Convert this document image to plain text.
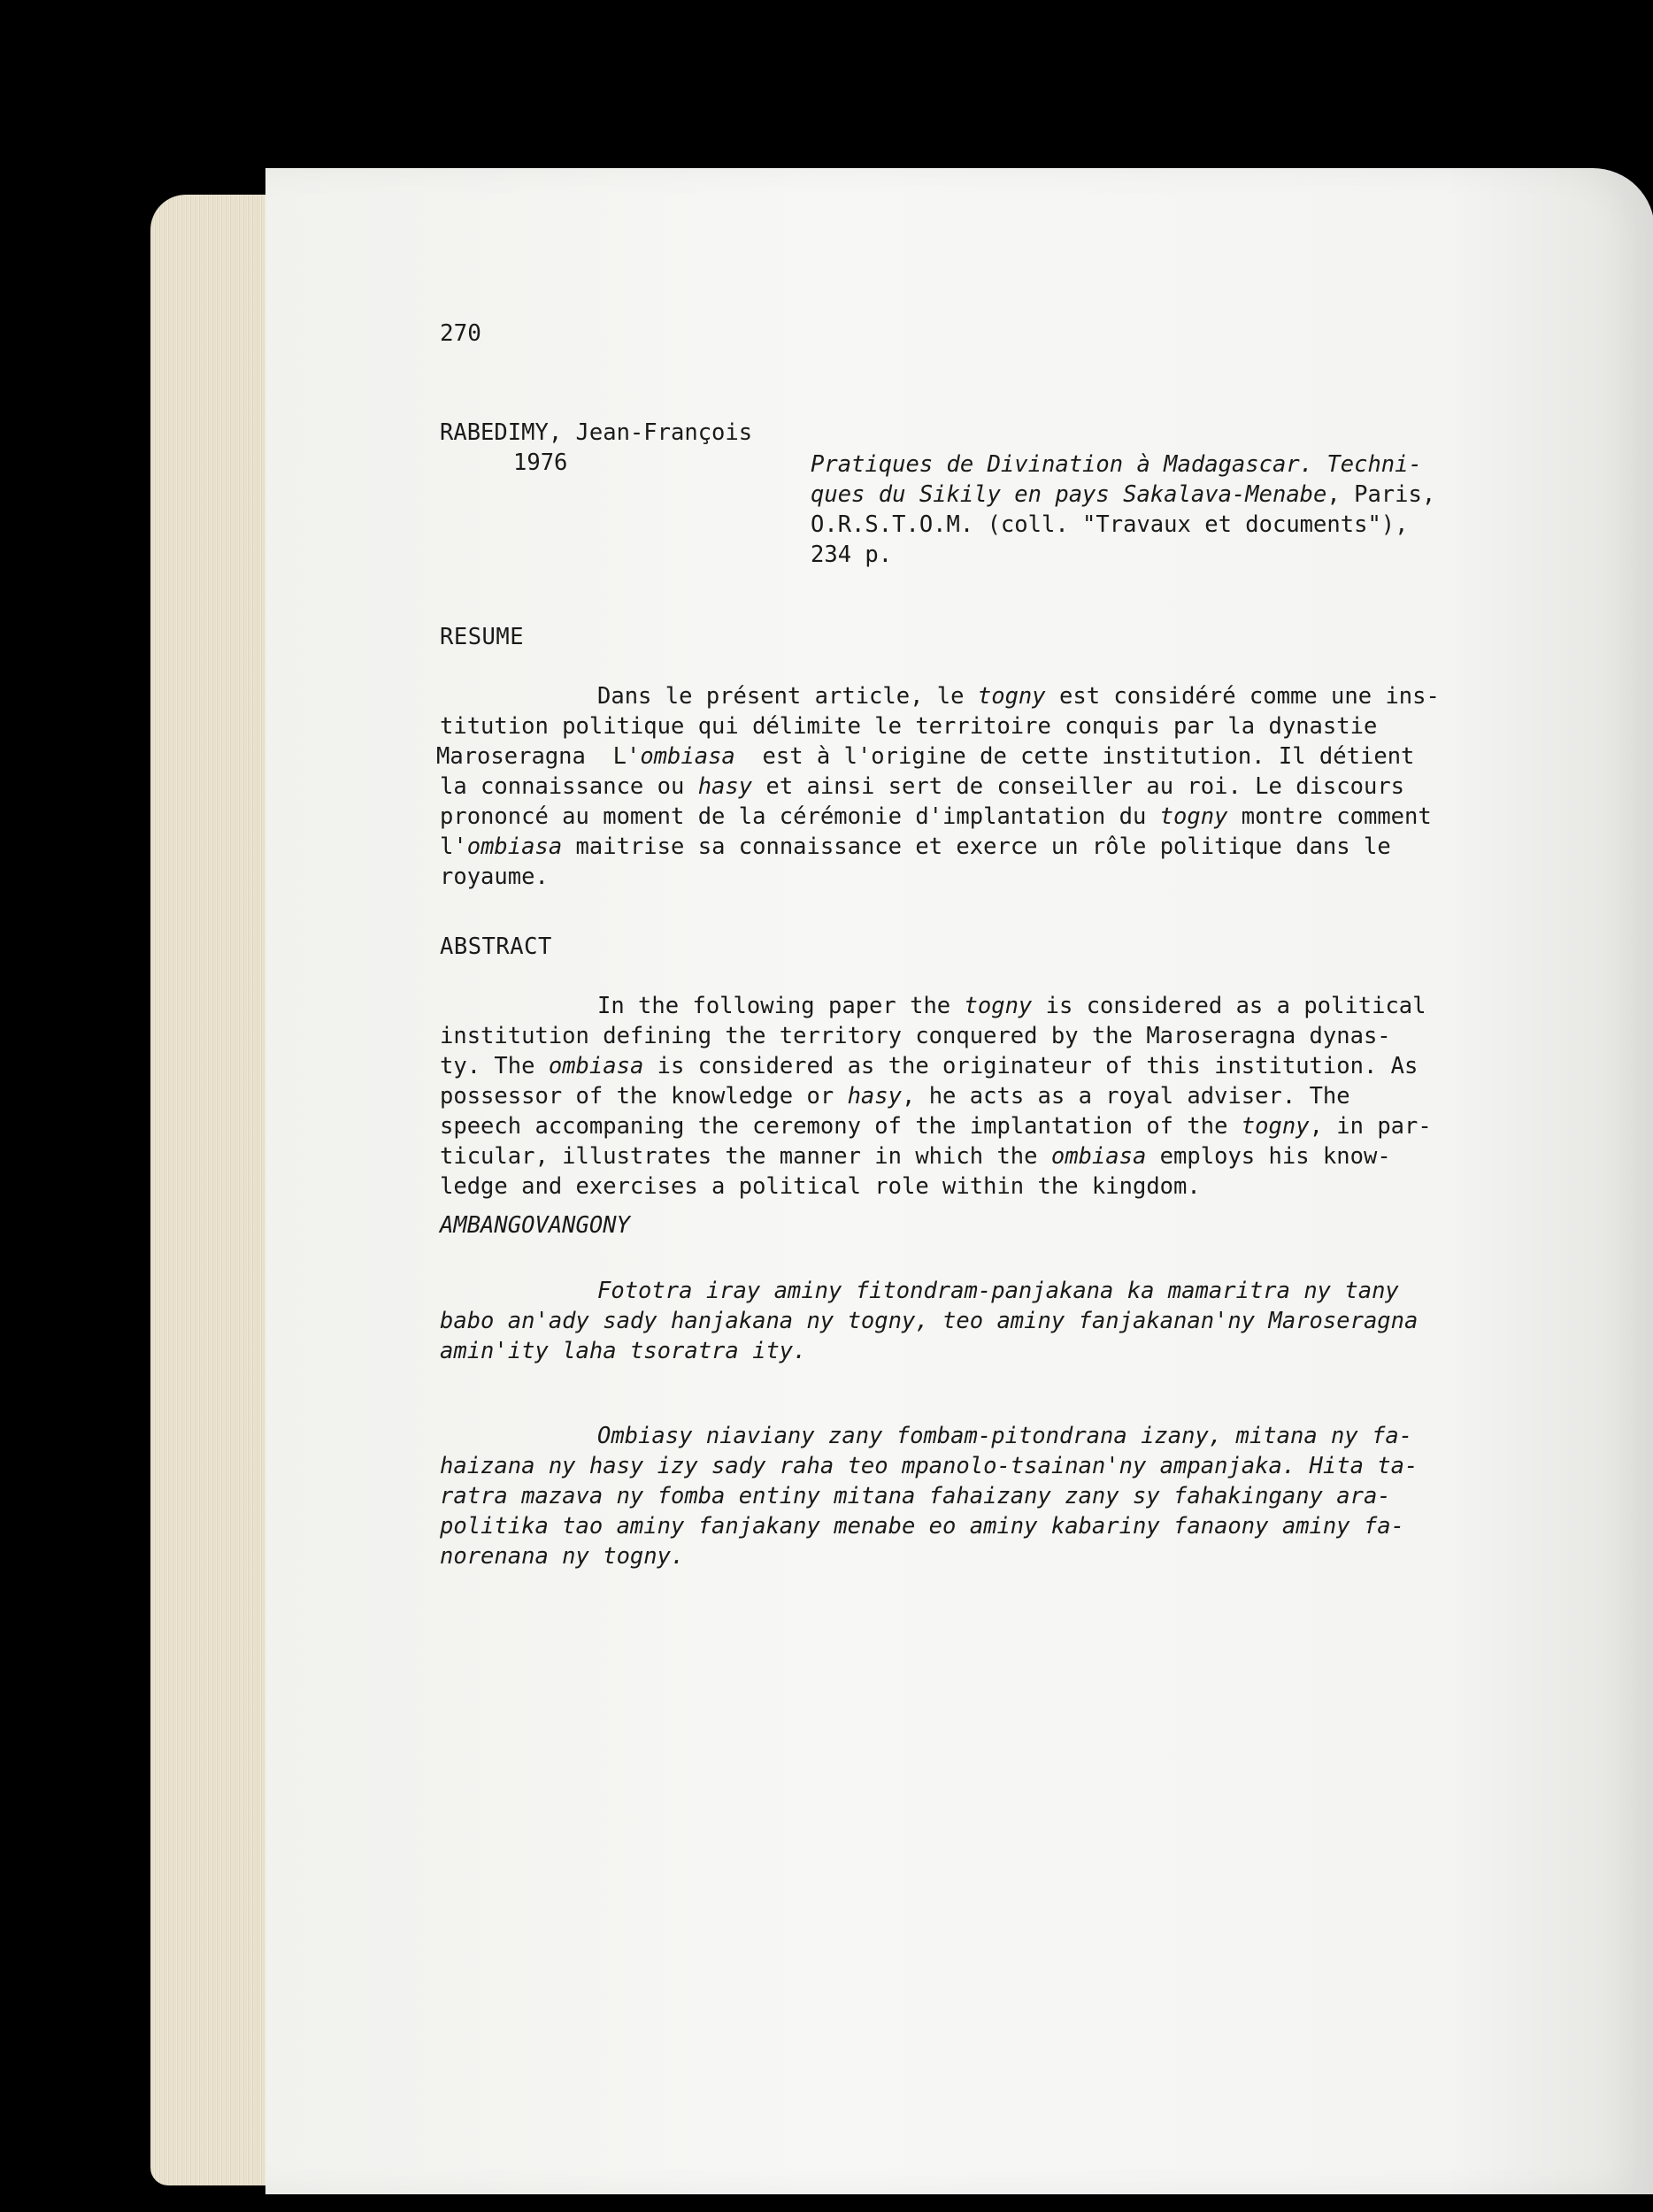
270
RABEDIMY, Jean-François
1976	Pratiques de Divination à Madagascar. Techni-
ques du Sikily en pays Sakalava-Menabe, Paris,
O.R.S.T.O.M. (coll. "Travaux et documents"),
234 p.
RESUME
Dans le présent article, le togny est considéré comme une ins-
titution politique qui délimite le territoire conquis par la dynastie
Maroseragna  L'ombiasa  est à l'origine de cette institution. Il détient
la connaissance ou hasy et ainsi sert de conseiller au roi. Le discours
prononcé au moment de la cérémonie d'implantation du togny montre comment
l'ombiasa maitrise sa connaissance et exerce un rôle politique dans le
royaume.
ABSTRACT
In the following paper the togny is considered as a political
institution defining the territory conquered by the Maroseragna dynas-
ty. The ombiasa is considered as the originateur of this institution. As
possessor of the knowledge or hasy, he acts as a royal adviser. The
speech accompaning the ceremony of the implantation of the togny, in par-
ticular, illustrates the manner in which the ombiasa employs his know-
ledge and exercises a political role within the kingdom.
AMBANGOVANGONY
Fototra iray aminy fitondram-panjakana ka mamaritra ny tany
babo an'ady sady hanjakana ny togny, teo aminy fanjakanan'ny Maroseragna
amin'ity laha tsoratra ity.
Ombiasy niaviany zany fombam-pitondrana izany, mitana ny fa-
haizana ny hasy izy sady raha teo mpanolo-tsainan'ny ampanjaka. Hita ta-
ratra mazava ny fomba entiny mitana fahaizany zany sy fahakingany ara-
politika tao aminy fanjakany menabe eo aminy kabariny fanaony aminy fa-
norenana ny togny.
